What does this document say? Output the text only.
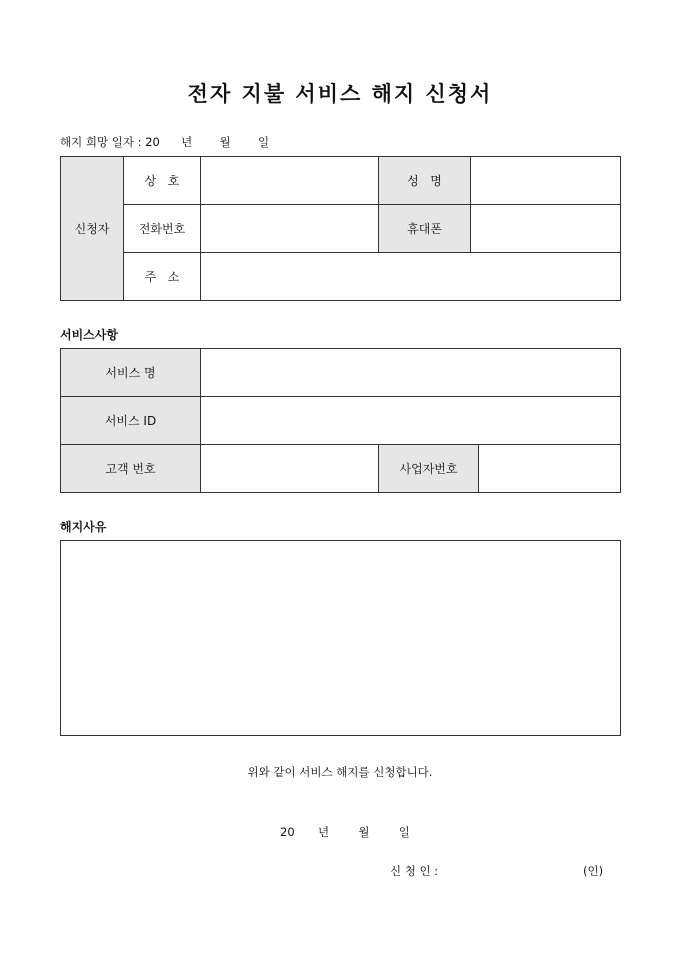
전자 지불 서비스 해지 신청서
해지 희망 일자 : 20 년 월 일
신청자	상   호		성   명	
	전화번호		휴대폰	
	주   소			
서비스사항
서비스 명			
서비스 ID			
고객 번호		사업자번호	
해지사유
위와 같이 서비스 해지를 신청합니다.
20 년	월	일
신 청 인 :	(인)
